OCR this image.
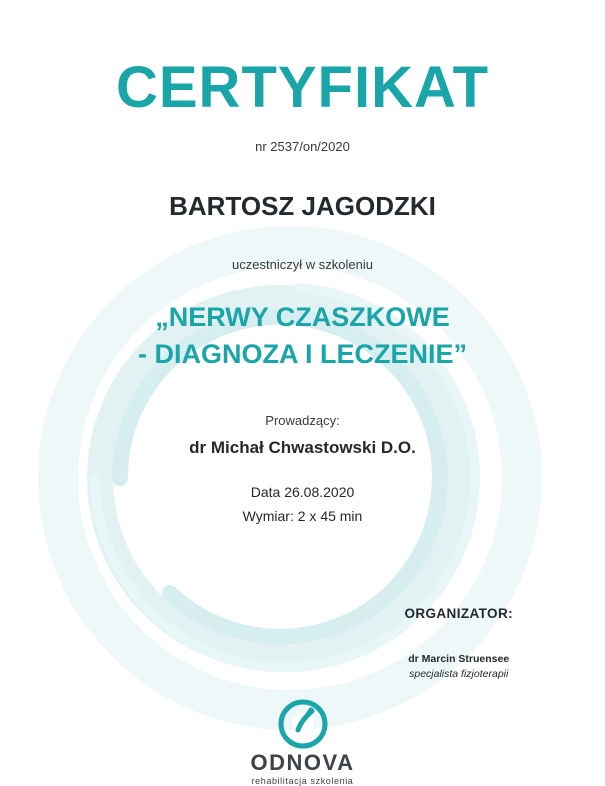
CERTYFIKAT
nr 2537/on/2020
BARTOSZ JAGODZKI
uczestniczył w szkoleniu
„NERWY CZASZKOWE
- DIAGNOZA I LECZENIE”
Prowadzący:
dr Michał Chwastowski D.O.
Data 26.08.2020
Wymiar: 2 x 45 min
ORGANIZATOR:
dr Marcin Struensee
specjalista fizjoterapii
ODNOVA
rehabilitacja szkolenia
